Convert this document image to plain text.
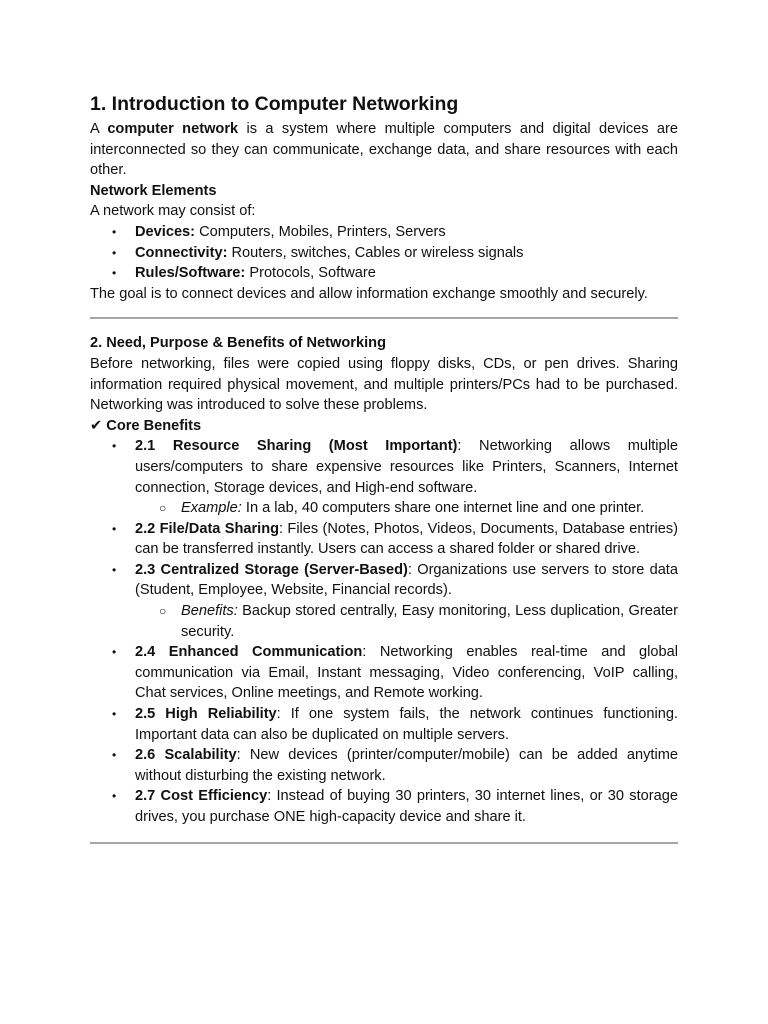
1. Introduction to Computer Networking

A computer network is a system where multiple computers and digital devices are interconnected so they can communicate, exchange data, and share resources with each other.

Network Elements

A network may consist of:

• Devices: Computers, Mobiles, Printers, Servers
• Connectivity: Routers, switches, Cables or wireless signals
• Rules/Software: Protocols, Software

The goal is to connect devices and allow information exchange smoothly and securely.

2. Need, Purpose & Benefits of Networking

Before networking, files were copied using floppy disks, CDs, or pen drives. Sharing information required physical movement, and multiple printers/PCs had to be purchased. Networking was introduced to solve these problems.

✔ Core Benefits

• 2.1 Resource Sharing (Most Important): Networking allows multiple users/computers to share expensive resources like Printers, Scanners, Internet connection, Storage devices, and High-end software.
○ Example: In a lab, 40 computers share one internet line and one printer.
• 2.2 File/Data Sharing: Files (Notes, Photos, Videos, Documents, Database entries) can be transferred instantly. Users can access a shared folder or shared drive.
• 2.3 Centralized Storage (Server-Based): Organizations use servers to store data (Student, Employee, Website, Financial records).
○ Benefits: Backup stored centrally, Easy monitoring, Less duplication, Greater security.
• 2.4 Enhanced Communication: Networking enables real-time and global communication via Email, Instant messaging, Video conferencing, VoIP calling, Chat services, Online meetings, and Remote working.
• 2.5 High Reliability: If one system fails, the network continues functioning. Important data can also be duplicated on multiple servers.
• 2.6 Scalability: New devices (printer/computer/mobile) can be added anytime without disturbing the existing network.
• 2.7 Cost Efficiency: Instead of buying 30 printers, 30 internet lines, or 30 storage drives, you purchase ONE high-capacity device and share it.
